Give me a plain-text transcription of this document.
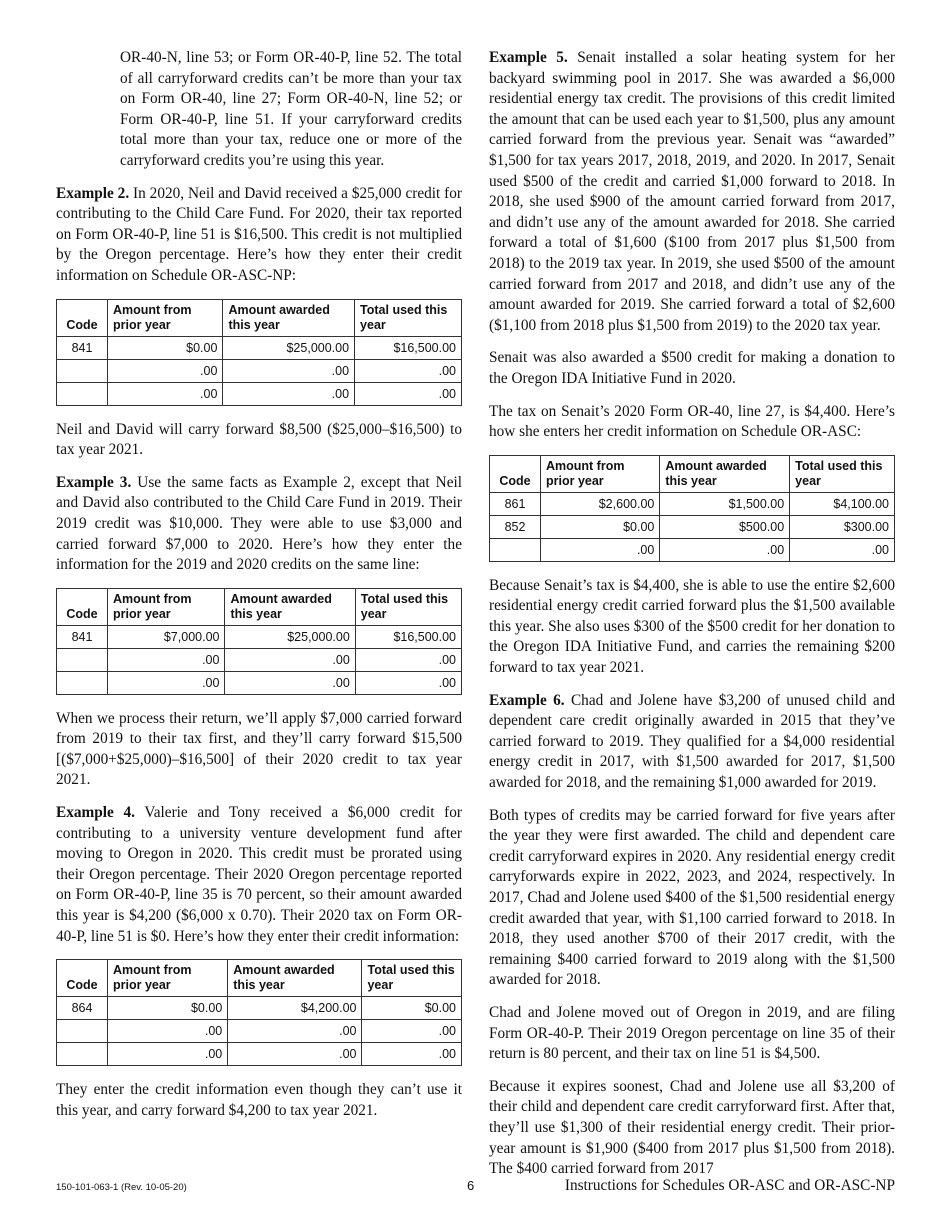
OR-40-N, line 53; or Form OR-40-P, line 52. The total of all carryforward credits can’t be more than your tax on Form OR-40, line 27; Form OR-40-N, line 52; or Form OR-40-P, line 51. If your carryforward credits total more than your tax, reduce one or more of the carryforward credits you’re using this year.

Example 2. In 2020, Neil and David received a $25,000 credit for contributing to the Child Care Fund. For 2020, their tax reported on Form OR-40-P, line 51 is $16,500. This credit is not multiplied by the Oregon percentage. Here’s how they enter their credit information on Schedule OR-ASC-NP:

Code	Amount from prior year	Amount awarded this year	Total used this year
841	$0.00	$25,000.00	$16,500.00
	.00	.00	.00
	.00	.00	.00

Neil and David will carry forward $8,500 ($25,000–$16,500) to tax year 2021.

Example 3. Use the same facts as Example 2, except that Neil and David also contributed to the Child Care Fund in 2019. Their 2019 credit was $10,000. They were able to use $3,000 and carried forward $7,000 to 2020. Here’s how they enter the information for the 2019 and 2020 credits on the same line:

Code	Amount from prior year	Amount awarded this year	Total used this year
841	$7,000.00	$25,000.00	$16,500.00
	.00	.00	.00
	.00	.00	.00

When we process their return, we’ll apply $7,000 carried forward from 2019 to their tax first, and they’ll carry forward $15,500 [($7,000+$25,000)–$16,500] of their 2020 credit to tax year 2021.

Example 4. Valerie and Tony received a $6,000 credit for contributing to a university venture development fund after moving to Oregon in 2020. This credit must be prorated using their Oregon percentage. Their 2020 Oregon percentage reported on Form OR-40-P, line 35 is 70 percent, so their amount awarded this year is $4,200 ($6,000 x 0.70). Their 2020 tax on Form OR-40-P, line 51 is $0. Here’s how they enter their credit information:

Code	Amount from prior year	Amount awarded this year	Total used this year
864	$0.00	$4,200.00	$0.00
	.00	.00	.00
	.00	.00	.00

They enter the credit information even though they can’t use it this year, and carry forward $4,200 to tax year 2021.

Example 5. Senait installed a solar heating system for her backyard swimming pool in 2017. She was awarded a $6,000 residential energy tax credit. The provisions of this credit limited the amount that can be used each year to $1,500, plus any amount carried forward from the previous year. Senait was “awarded” $1,500 for tax years 2017, 2018, 2019, and 2020. In 2017, Senait used $500 of the credit and carried $1,000 forward to 2018. In 2018, she used $900 of the amount carried forward from 2017, and didn’t use any of the amount awarded for 2018. She carried forward a total of $1,600 ($100 from 2017 plus $1,500 from 2018) to the 2019 tax year. In 2019, she used $500 of the amount carried forward from 2017 and 2018, and didn’t use any of the amount awarded for 2019. She carried forward a total of $2,600 ($1,100 from 2018 plus $1,500 from 2019) to the 2020 tax year.

Senait was also awarded a $500 credit for making a donation to the Oregon IDA Initiative Fund in 2020.

The tax on Senait’s 2020 Form OR-40, line 27, is $4,400. Here’s how she enters her credit information on Schedule OR-ASC:

Code	Amount from prior year	Amount awarded this year	Total used this year
861	$2,600.00	$1,500.00	$4,100.00
852	$0.00	$500.00	$300.00
	.00	.00	.00

Because Senait’s tax is $4,400, she is able to use the entire $2,600 residential energy credit carried forward plus the $1,500 available this year. She also uses $300 of the $500 credit for her donation to the Oregon IDA Initiative Fund, and carries the remaining $200 forward to tax year 2021.

Example 6. Chad and Jolene have $3,200 of unused child and dependent care credit originally awarded in 2015 that they’ve carried forward to 2019. They qualified for a $4,000 residential energy credit in 2017, with $1,500 awarded for 2017, $1,500 awarded for 2018, and the remaining $1,000 awarded for 2019.

Both types of credits may be carried forward for five years after the year they were first awarded. The child and dependent care credit carryforward expires in 2020. Any residential energy credit carryforwards expire in 2022, 2023, and 2024, respectively. In 2017, Chad and Jolene used $400 of the $1,500 residential energy credit awarded that year, with $1,100 carried forward to 2018. In 2018, they used another $700 of their 2017 credit, with the remaining $400 carried forward to 2019 along with the $1,500 awarded for 2018.

Chad and Jolene moved out of Oregon in 2019, and are filing Form OR-40-P. Their 2019 Oregon percentage on line 35 of their return is 80 percent, and their tax on line 51 is $4,500.

Because it expires soonest, Chad and Jolene use all $3,200 of their child and dependent care credit carryforward first. After that, they’ll use $1,300 of their residential energy credit. Their prior-year amount is $1,900 ($400 from 2017 plus $1,500 from 2018). The $400 carried forward from 2017

150-101-063-1 (Rev. 10-05-20)	6	Instructions for Schedules OR-ASC and OR-ASC-NP
